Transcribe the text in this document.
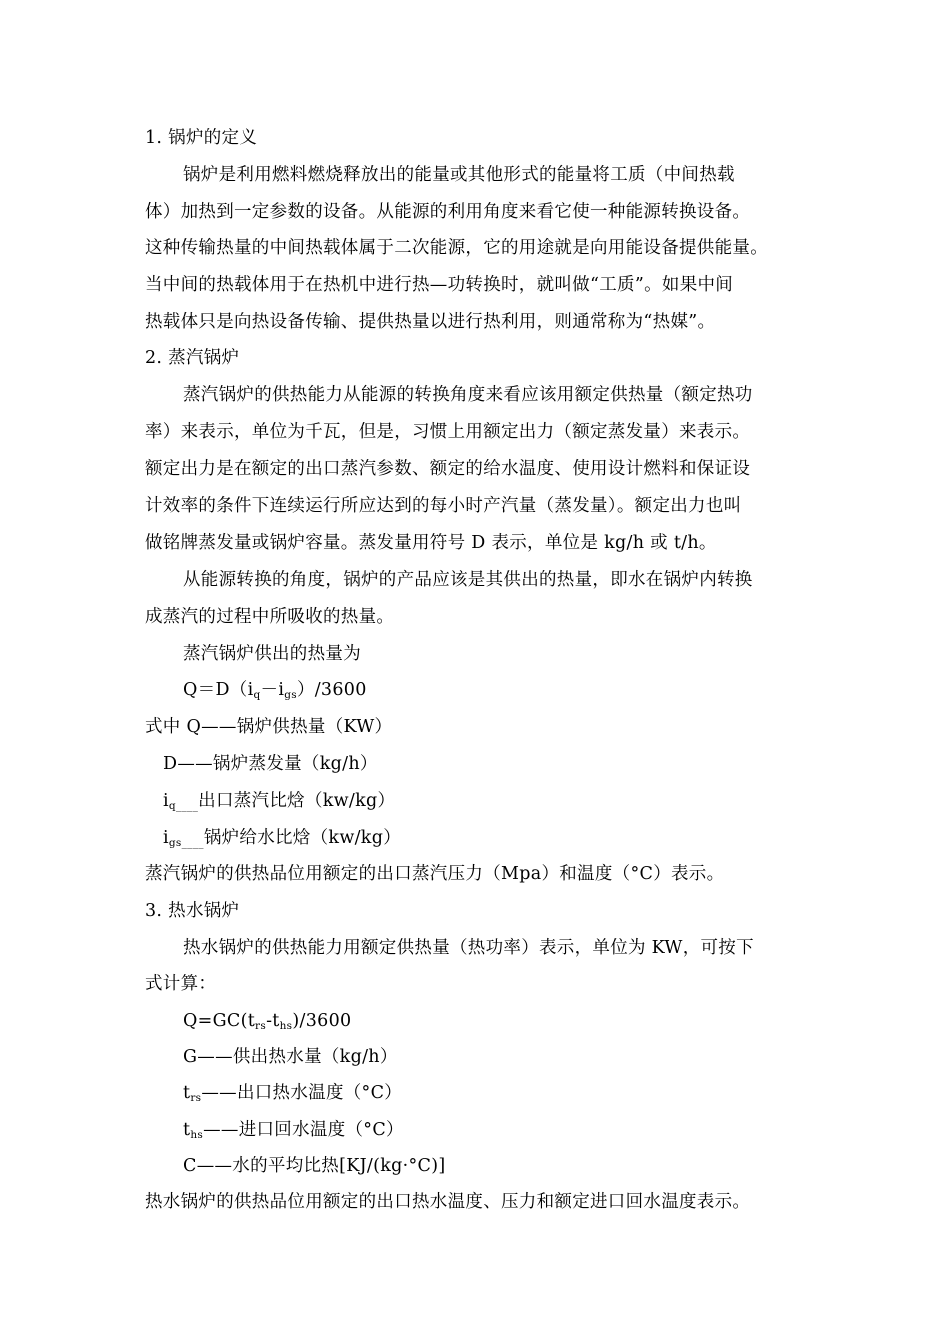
1. 锅炉的定义
锅炉是利用燃料燃烧释放出的能量或其他形式的能量将工质（中间热载
体）加热到一定参数的设备。从能源的利用角度来看它使一种能源转换设备。
这种传输热量的中间热载体属于二次能源，它的用途就是向用能设备提供能量。
当中间的热载体用于在热机中进行热—功转换时，就叫做“工质”。如果中间
热载体只是向热设备传输、提供热量以进行热利用，则通常称为“热媒”。
2. 蒸汽锅炉
蒸汽锅炉的供热能力从能源的转换角度来看应该用额定供热量（额定热功
率）来表示，单位为千瓦，但是，习惯上用额定出力（额定蒸发量）来表示。
额定出力是在额定的出口蒸汽参数、额定的给水温度、使用设计燃料和保证设
计效率的条件下连续运行所应达到的每小时产汽量（蒸发量）。额定出力也叫
做铭牌蒸发量或锅炉容量。蒸发量用符号 D 表示，单位是 kg/h 或 t/h。
从能源转换的角度，锅炉的产品应该是其供出的热量，即水在锅炉内转换
成蒸汽的过程中所吸收的热量。
蒸汽锅炉供出的热量为
$Q=D(i_q-i_{gs})/3600$
式中 Q——锅炉供热量（KW）
D——锅炉蒸发量（kg/h）
$i_q\_\_\_\_$出口蒸汽比焓（kw/kg）
$i_{gs}\_\_\_\_$锅炉给水比焓（kw/kg）
蒸汽锅炉的供热品位用额定的出口蒸汽压力（Mpa）和温度（°C）表示。
3. 热水锅炉
热水锅炉的供热能力用额定供热量（热功率）表示，单位为 KW，可按下
式计算：
$Q=GC(t_{rs}-t_{hs})/3600$
G——供出热水量（kg/h）
$t_{rs}——$出口热水温度（°C）
$t_{hs}——$进口回水温度（°C）
C——水的平均比热[KJ/(kg·°C)]
热水锅炉的供热品位用额定的出口热水温度、压力和额定进口回水温度表示。
